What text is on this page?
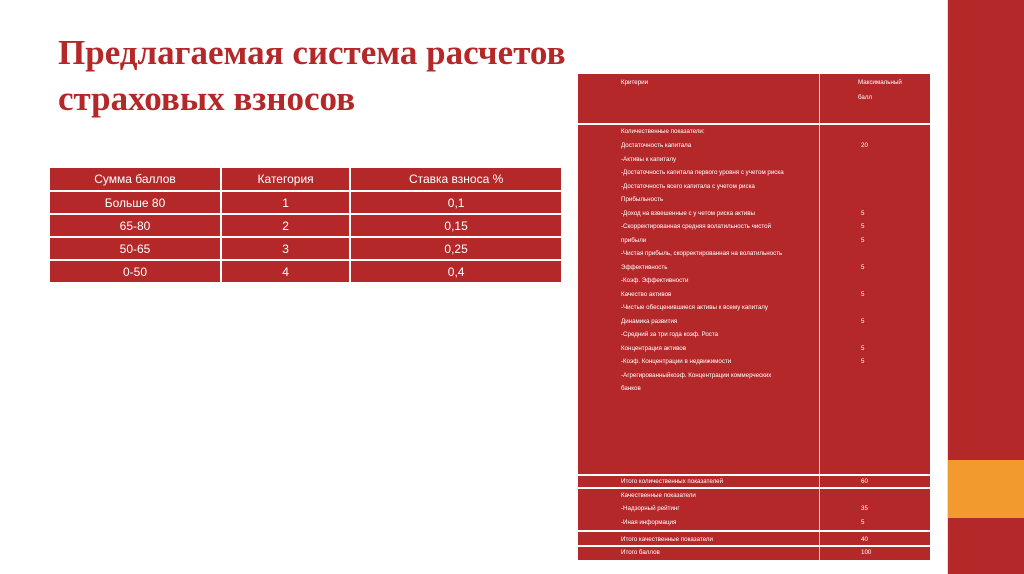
Предлагаемая система расчетов страховых взносов
Сумма баллов	Категория	Ставка взноса %
Больше 80	1	0,1
65-80	2	0,15
50-65	3	0,25
0-50	4	0,4
Критерии	Максимальный
балл
Количественные показатели:
Достаточность капитала	20
-Активы к капиталу
-Достаточность капитала первого уровня с учетом риска
-Достаточность всего капитала с учетом риска
Прибыльность
-Доход на взвешенные с у четом риска активы	5
-Скорректированная средняя волатильность чистой	5
прибыли	5
-Чистая прибыль, скорректированная на волатильность
Эффективность	5
-Коэф. Эффективности
Качество активов	5
-Чистые обесценившиеся активы к всему капиталу
Динамика развития	5
-Средний за три года коэф. Роста
Концентрация активов	5
-Коэф. Концентрации в недвижимости	5
-Агрегированныйкоэф. Концентрации коммерческих
банков
Итого количественных показателей	60
Качественные показатели
-Надзорный рейтинг	35
-Иная информация	5
Итого качественные показатели	40
Итого баллов	100
